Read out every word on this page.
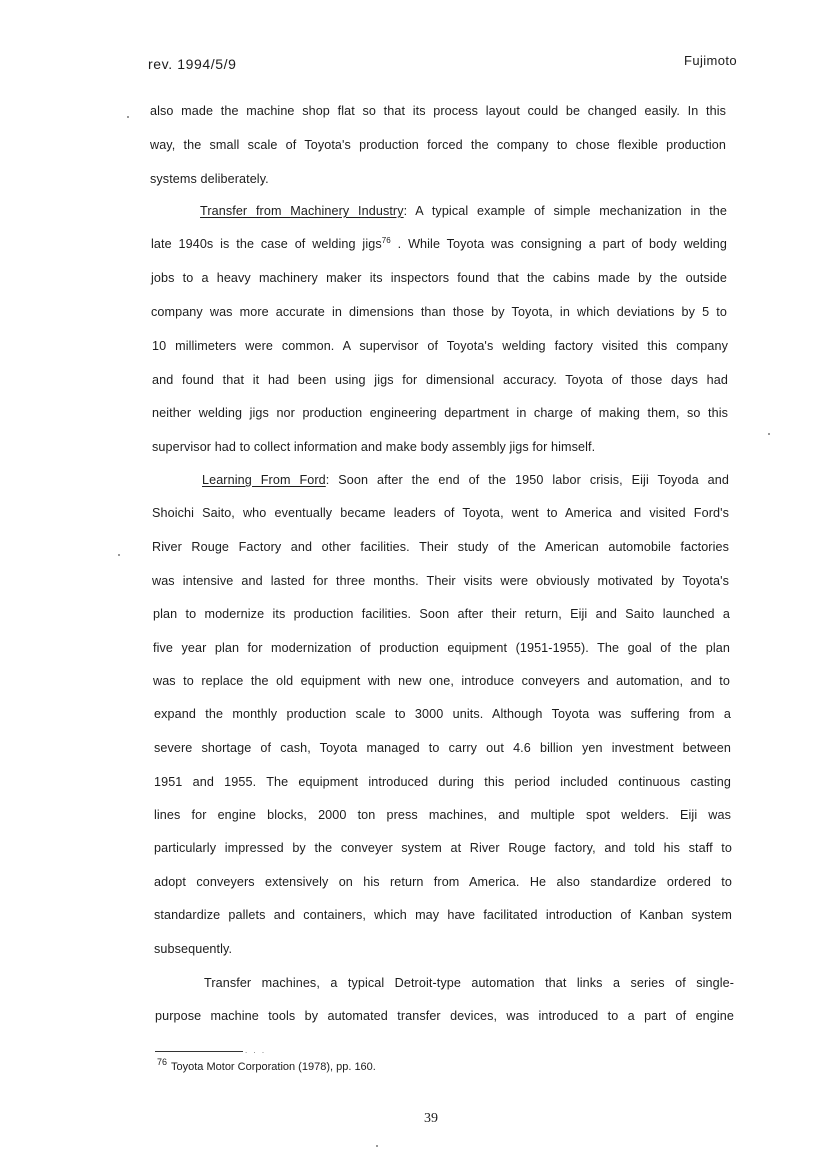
rev. 1994/5/9	Fujimoto
also made the machine shop flat so that its process layout could be changed easily. In this
way, the small scale of Toyota's production forced the company to chose flexible production
systems deliberately.
Transfer from Machinery Industry: A typical example of simple mechanization in the
late 1940s is the case of welding jigs$^{76}$ . While Toyota was consigning a part of body welding
jobs to a heavy machinery maker its inspectors found that the cabins made by the outside
company was more accurate in dimensions than those by Toyota, in which deviations by 5 to
10 millimeters were common. A supervisor of Toyota's welding factory visited this company
and found that it had been using jigs for dimensional accuracy. Toyota of those days had
neither welding jigs nor production engineering department in charge of making them, so this
supervisor had to collect information and make body assembly jigs for himself.
Learning From Ford: Soon after the end of the 1950 labor crisis, Eiji Toyoda and
Shoichi Saito, who eventually became leaders of Toyota, went to America and visited Ford's
River Rouge Factory and other facilities. Their study of the American automobile factories
was intensive and lasted for three months. Their visits were obviously motivated by Toyota's
plan to modernize its production facilities. Soon after their return, Eiji and Saito launched a
five year plan for modernization of production equipment (1951-1955). The goal of the plan
was to replace the old equipment with new one, introduce conveyers and automation, and to
expand the monthly production scale to 3000 units. Although Toyota was suffering from a
severe shortage of cash, Toyota managed to carry out 4.6 billion yen investment between
1951 and 1955. The equipment introduced during this period included continuous casting
lines for engine blocks, 2000 ton press machines, and multiple spot welders. Eiji was
particularly impressed by the conveyer system at River Rouge factory, and told his staff to
adopt conveyers extensively on his return from America. He also standardize ordered to
standardize pallets and containers, which may have facilitated introduction of Kanban system
subsequently.
Transfer machines, a typical Detroit-type automation that links a series of single-
purpose machine tools by automated transfer devices, was introduced to a part of engine
. . .
$^{76}$ Toyota Motor Corporation (1978), pp. 160.
39
